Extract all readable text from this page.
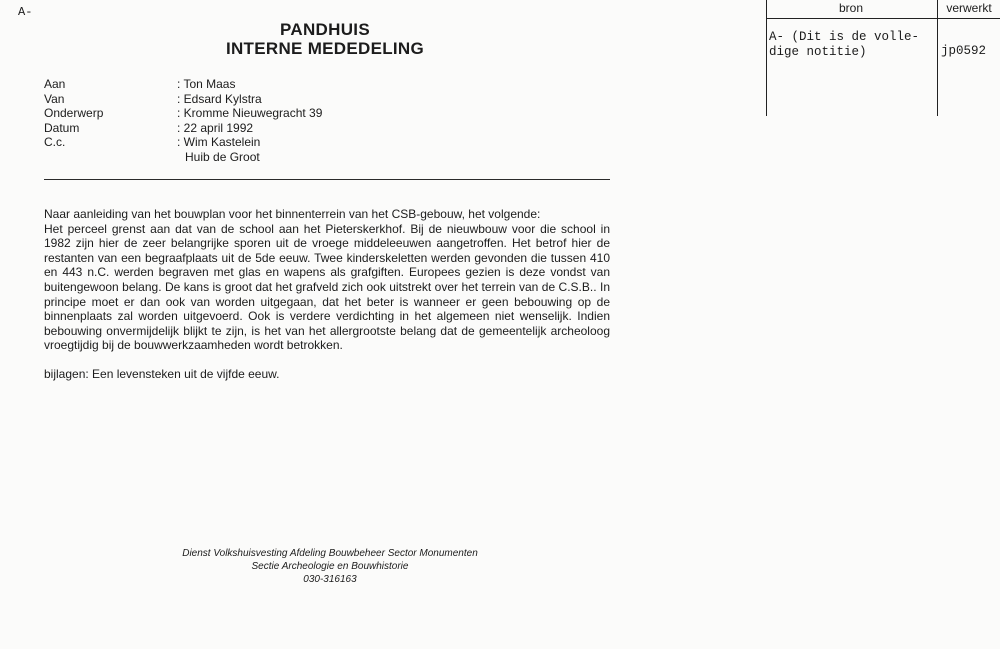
A-
PANDHUIS
INTERNE MEDEDELING
Aan	: Ton Maas
Van	: Edsard Kylstra
Onderwerp	: Kromme Nieuwegracht 39
Datum	: 22 april 1992
C.c.	: Wim Kastelein
Huib de Groot
Naar aanleiding van het bouwplan voor het binnenterrein van het CSB-gebouw, het volgende:

Het perceel grenst aan dat van de school aan het Pieterskerkhof. Bij de nieuwbouw voor die school in 1982 zijn hier de zeer belangrijke sporen uit de vroege middeleeuwen aangetroffen. Het betrof hier de restanten van een begraafplaats uit de 5de eeuw. Twee kinderskeletten werden gevonden die tussen 410 en 443 n.C. werden begraven met glas en wapens als grafgiften. Europees gezien is deze vondst van buitengewoon belang. De kans is groot dat het grafveld zich ook uitstrekt over het terrein van de C.S.B.. In principe moet er dan ook van worden uitgegaan, dat het beter is wanneer er geen bebouwing op de binnenplaats zal worden uitgevoerd. Ook is verdere verdichting in het algemeen niet wenselijk. Indien bebouwing onvermijdelijk blijkt te zijn, is het van het allergrootste belang dat de gemeentelijk archeoloog vroegtijdig bij de bouwwerkzaamheden wordt betrokken.

bijlagen: Een levensteken uit de vijfde eeuw.
Dienst Volkshuisvesting Afdeling Bouwbeheer Sector Monumenten
Sectie Archeologie en Bouwhistorie
030-316163
bron	verwerkt
A- (Dit is de volle-
dige notitie)	jp0592
